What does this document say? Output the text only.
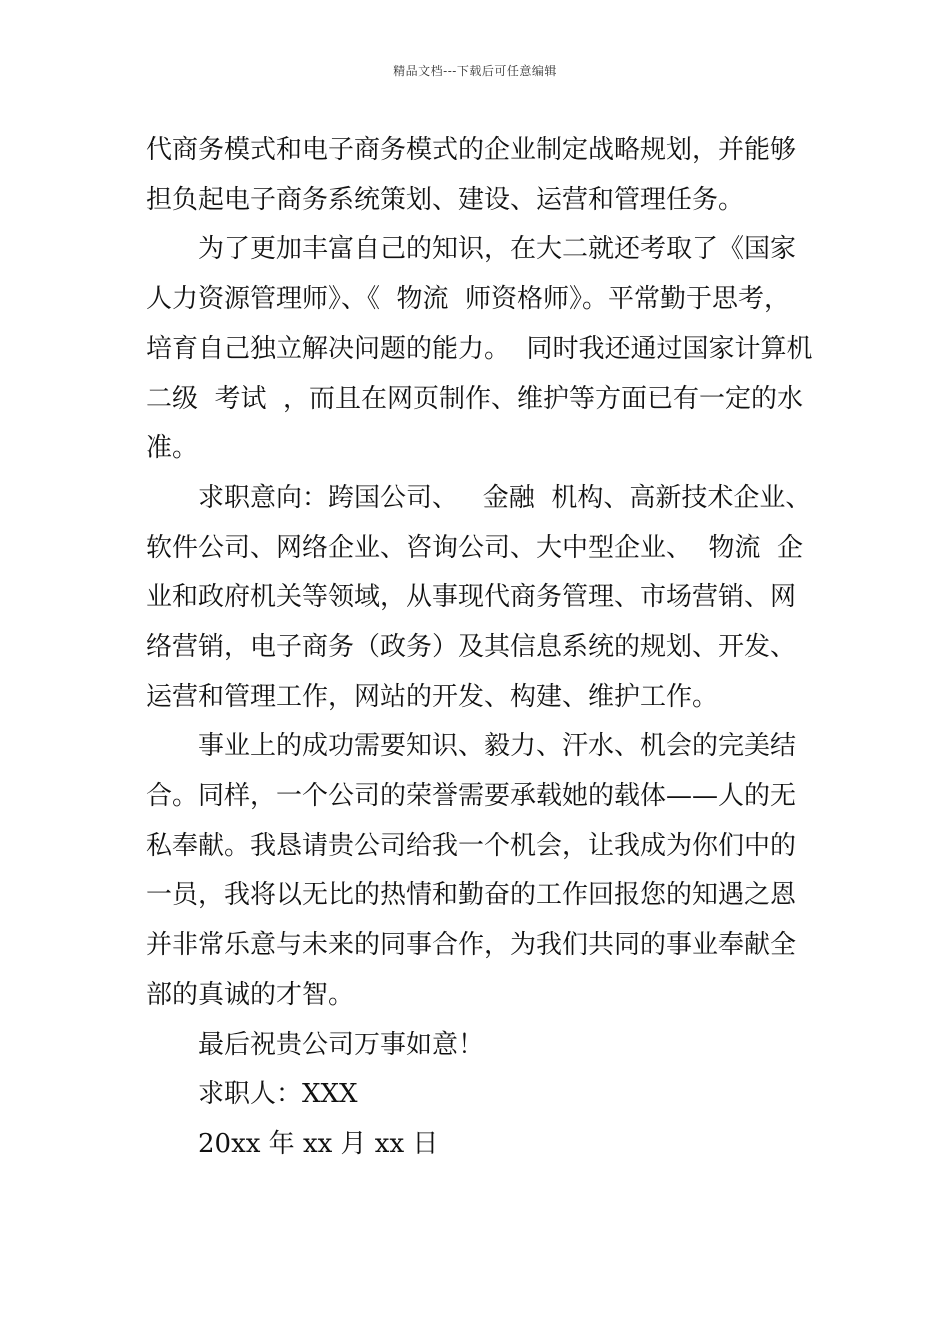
精品文档---下载后可任意编辑
代商务模式和电子商务模式的企业制定战略规划，并能够
担负起电子商务系统策划、建设、运营和管理任务。
为了更加丰富自己的知识，在大二就还考取了《国家
人力资源管理师》、《  物流  师资格师》。平常勤于思考，
培育自己独立解决问题的能力。  同时我还通过国家计算机
二级  考试  ，而且在网页制作、维护等方面已有一定的水
准。
求职意向：跨国公司、   金融  机构、高新技术企业、
软件公司、网络企业、咨询公司、大中型企业、  物流  企
业和政府机关等领域，从事现代商务管理、市场营销、网
络营销，电子商务（政务）及其信息系统的规划、开发、
运营和管理工作，网站的开发、构建、维护工作。
事业上的成功需要知识、毅力、汗水、机会的完美结
合。同样，一个公司的荣誉需要承载她的载体——人的无
私奉献。我恳请贵公司给我一个机会，让我成为你们中的
一员，我将以无比的热情和勤奋的工作回报您的知遇之恩
并非常乐意与未来的同事合作，为我们共同的事业奉献全
部的真诚的才智。
最后祝贵公司万事如意！
求职人：XXX
20xx 年 xx 月 xx 日
